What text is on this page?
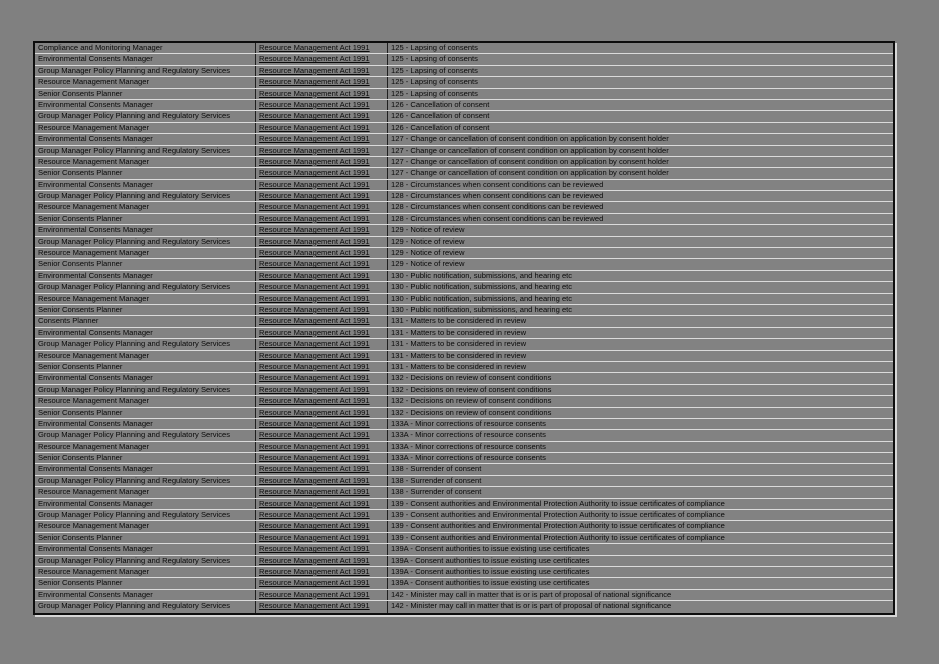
Compliance and Monitoring Manager	Resource Management Act 1991	125 - Lapsing of consents
Environmental Consents Manager	Resource Management Act 1991	125 - Lapsing of consents
Group Manager Policy Planning and Regulatory Services	Resource Management Act 1991	125 - Lapsing of consents
Resource Management Manager	Resource Management Act 1991	125 - Lapsing of consents
Senior Consents Planner	Resource Management Act 1991	125 - Lapsing of consents
Environmental Consents Manager	Resource Management Act 1991	126 - Cancellation of consent
Group Manager Policy Planning and Regulatory Services	Resource Management Act 1991	126 - Cancellation of consent
Resource Management Manager	Resource Management Act 1991	126 - Cancellation of consent
Environmental Consents Manager	Resource Management Act 1991	127 - Change or cancellation of consent condition on application by consent holder
Group Manager Policy Planning and Regulatory Services	Resource Management Act 1991	127 - Change or cancellation of consent condition on application by consent holder
Resource Management Manager	Resource Management Act 1991	127 - Change or cancellation of consent condition on application by consent holder
Senior Consents Planner	Resource Management Act 1991	127 - Change or cancellation of consent condition on application by consent holder
Environmental Consents Manager	Resource Management Act 1991	128 - Circumstances when consent conditions can be reviewed
Group Manager Policy Planning and Regulatory Services	Resource Management Act 1991	128 - Circumstances when consent conditions can be reviewed
Resource Management Manager	Resource Management Act 1991	128 - Circumstances when consent conditions can be reviewed
Senior Consents Planner	Resource Management Act 1991	128 - Circumstances when consent conditions can be reviewed
Environmental Consents Manager	Resource Management Act 1991	129 - Notice of review
Group Manager Policy Planning and Regulatory Services	Resource Management Act 1991	129 - Notice of review
Resource Management Manager	Resource Management Act 1991	129 - Notice of review
Senior Consents Planner	Resource Management Act 1991	129 - Notice of review
Environmental Consents Manager	Resource Management Act 1991	130 - Public notification, submissions, and hearing etc
Group Manager Policy Planning and Regulatory Services	Resource Management Act 1991	130 - Public notification, submissions, and hearing etc
Resource Management Manager	Resource Management Act 1991	130 - Public notification, submissions, and hearing etc
Senior Consents Planner	Resource Management Act 1991	130 - Public notification, submissions, and hearing etc
Consents Planner	Resource Management Act 1991	131 - Matters to be considered in review
Environmental Consents Manager	Resource Management Act 1991	131 - Matters to be considered in review
Group Manager Policy Planning and Regulatory Services	Resource Management Act 1991	131 - Matters to be considered in review
Resource Management Manager	Resource Management Act 1991	131 - Matters to be considered in review
Senior Consents Planner	Resource Management Act 1991	131 - Matters to be considered in review
Environmental Consents Manager	Resource Management Act 1991	132 - Decisions on review of consent conditions
Group Manager Policy Planning and Regulatory Services	Resource Management Act 1991	132 - Decisions on review of consent conditions
Resource Management Manager	Resource Management Act 1991	132 - Decisions on review of consent conditions
Senior Consents Planner	Resource Management Act 1991	132 - Decisions on review of consent conditions
Environmental Consents Manager	Resource Management Act 1991	133A - Minor corrections of resource consents
Group Manager Policy Planning and Regulatory Services	Resource Management Act 1991	133A - Minor corrections of resource consents
Resource Management Manager	Resource Management Act 1991	133A - Minor corrections of resource consents
Senior Consents Planner	Resource Management Act 1991	133A - Minor corrections of resource consents
Environmental Consents Manager	Resource Management Act 1991	138 - Surrender of consent
Group Manager Policy Planning and Regulatory Services	Resource Management Act 1991	138 - Surrender of consent
Resource Management Manager	Resource Management Act 1991	138 - Surrender of consent
Environmental Consents Manager	Resource Management Act 1991	139 - Consent authorities and Environmental Protection Authority to issue certificates of compliance
Group Manager Policy Planning and Regulatory Services	Resource Management Act 1991	139 - Consent authorities and Environmental Protection Authority to issue certificates of compliance
Resource Management Manager	Resource Management Act 1991	139 - Consent authorities and Environmental Protection Authority to issue certificates of compliance
Senior Consents Planner	Resource Management Act 1991	139 - Consent authorities and Environmental Protection Authority to issue certificates of compliance
Environmental Consents Manager	Resource Management Act 1991	139A - Consent authorities to issue existing use certificates
Group Manager Policy Planning and Regulatory Services	Resource Management Act 1991	139A - Consent authorities to issue existing use certificates
Resource Management Manager	Resource Management Act 1991	139A - Consent authorities to issue existing use certificates
Senior Consents Planner	Resource Management Act 1991	139A - Consent authorities to issue existing use certificates
Environmental Consents Manager	Resource Management Act 1991	142 - Minister may call in matter that is or is part of proposal of national significance
Group Manager Policy Planning and Regulatory Services	Resource Management Act 1991	142 - Minister may call in matter that is or is part of proposal of national significance
